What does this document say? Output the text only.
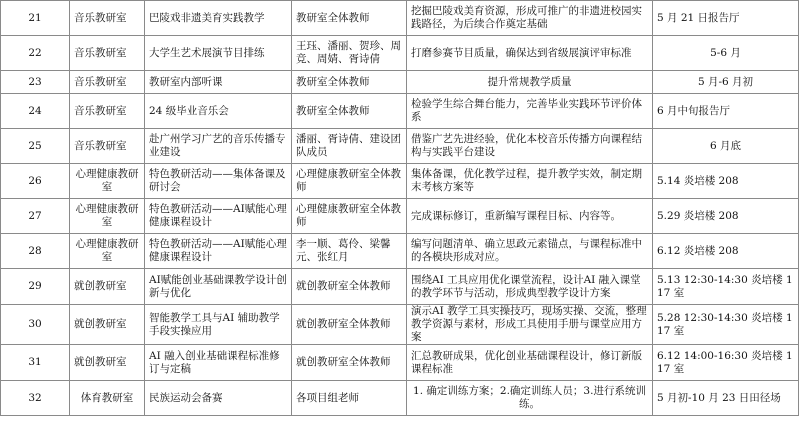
21	音乐教研室	巴陵戏非遗美育实践教学	教研室全体教师	挖掘巴陵戏美育资源，形成可推广的非遗进校园实践路径，为后续合作奠定基础	5 月 21 日报告厅
22	音乐教研室	大学生艺术展演节目排练	王珏、潘丽、贺珍、周竞、周婧、胥诗倩	打磨参赛节目质量，确保达到省级展演评审标准	5-6 月
23	音乐教研室	教研室内部听课	教研室全体教师	提升常规教学质量	5 月-6 月初
24	音乐教研室	24 级毕业音乐会	教研室全体教师	检验学生综合舞台能力，完善毕业实践环节评价体系	6 月中旬报告厅
25	音乐教研室	赴广州学习广艺的音乐传播专业建设	潘丽、胥诗倩、建设团队成员	借鉴广艺先进经验，优化本校音乐传播方向课程结构与实践平台建设	6 月底
26	心理健康教研室	特色教研活动——集体备课及研讨会	心理健康教研室全体教师	集体备课，优化教学过程，提升教学实效，制定期末考核方案等	5.14 炎培楼 208
27	心理健康教研室	特色教研活动——AI赋能心理健康课程设计	心理健康教研室全体教师	完成课标修订，重新编写课程目标、内容等。	5.29 炎培楼 208
28	心理健康教研室	特色教研活动——AI赋能心理健康课程设计	李一顺、葛伶、梁馨元、张红月	编写问题清单、确立思政元素锚点，与课程标准中的各模块形成对应。	6.12 炎培楼 208
29	就创教研室	AI赋能创业基础课教学设计创新与优化	就创教研室全体教师	围绕AI 工具应用优化课堂流程，设计AI 融入课堂的教学环节与活动，形成典型教学设计方案	5.13 12:30-14:30 炎培楼 117 室
30	就创教研室	智能教学工具与AI 辅助教学手段实操应用	就创教研室全体教师	演示AI 教学工具实操技巧，现场实操、交流，整理教学资源与素材，形成工具使用手册与课堂应用方案	5.28 12:30-14:30 炎培楼 117 室
31	就创教研室	AI 融入创业基础课程标准修订与定稿	就创教研室全体教师	汇总教研成果，优化创业基础课程设计，修订新版课程标准	6.12 14:00-16:30 炎培楼 117 室
32	体育教研室	民族运动会备赛	各项目组老师	1. 确定训练方案；2.确定训练人员；3.进行系统训练。	5 月初-10 月 23 日田径场
